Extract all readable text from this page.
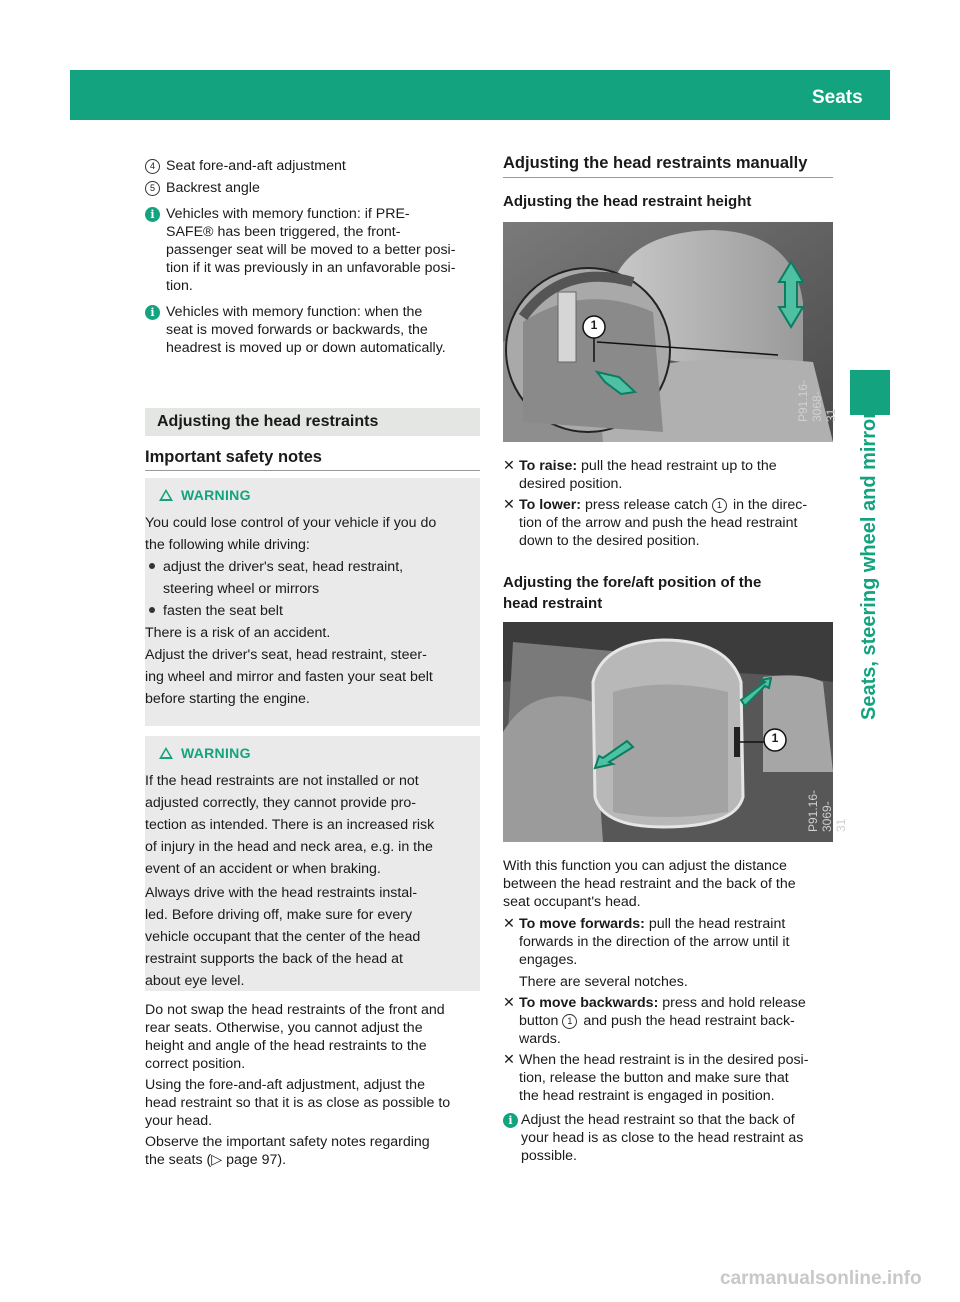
Seats	99
Seats, steering wheel and mirrors
4 Seat fore-and-aft adjustment
5 Backrest angle
i Vehicles with memory function: if PRE-
SAFE® has been triggered, the front-
passenger seat will be moved to a better posi-
tion if it was previously in an unfavorable posi-
tion.
i Vehicles with memory function: when the
seat is moved forwards or backwards, the
headrest is moved up or down automatically.
Adjusting the head restraints
Important safety notes
WARNING
You could lose control of your vehicle if you do
the following while driving:
adjust the driver's seat, head restraint,
steering wheel or mirrors
fasten the seat belt
There is a risk of an accident.
Adjust the driver's seat, head restraint, steer-
ing wheel and mirror and fasten your seat belt
before starting the engine.
WARNING
If the head restraints are not installed or not
adjusted correctly, they cannot provide pro-
tection as intended. There is an increased risk
of injury in the head and neck area, e.g. in the
event of an accident or when braking.
Always drive with the head restraints instal-
led. Before driving off, make sure for every
vehicle occupant that the center of the head
restraint supports the back of the head at
about eye level.
Do not swap the head restraints of the front and
rear seats. Otherwise, you cannot adjust the
height and angle of the head restraints to the
correct position.
Using the fore-and-aft adjustment, adjust the
head restraint so that it is as close as possible to
your head.
Observe the important safety notes regarding
the seats (▷ page 97).
Adjusting the head restraints manually
Adjusting the head restraint height
1
P91.16-3068-31
✕ To raise: pull the head restraint up to the
desired position.
✕ To lower: press release catch 1 in the direc-
tion of the arrow and push the head restraint
down to the desired position.
Adjusting the fore/aft position of the
head restraint
1
P91.16-3069-31
With this function you can adjust the distance
between the head restraint and the back of the
seat occupant's head.
✕ To move forwards: pull the head restraint
forwards in the direction of the arrow until it
engages.
There are several notches.
✕ To move backwards: press and hold release
button 1 and push the head restraint back-
wards.
✕ When the head restraint is in the desired posi-
tion, release the button and make sure that
the head restraint is engaged in position.
i Adjust the head restraint so that the back of
your head is as close to the head restraint as
possible.
carmanualsonline.info
